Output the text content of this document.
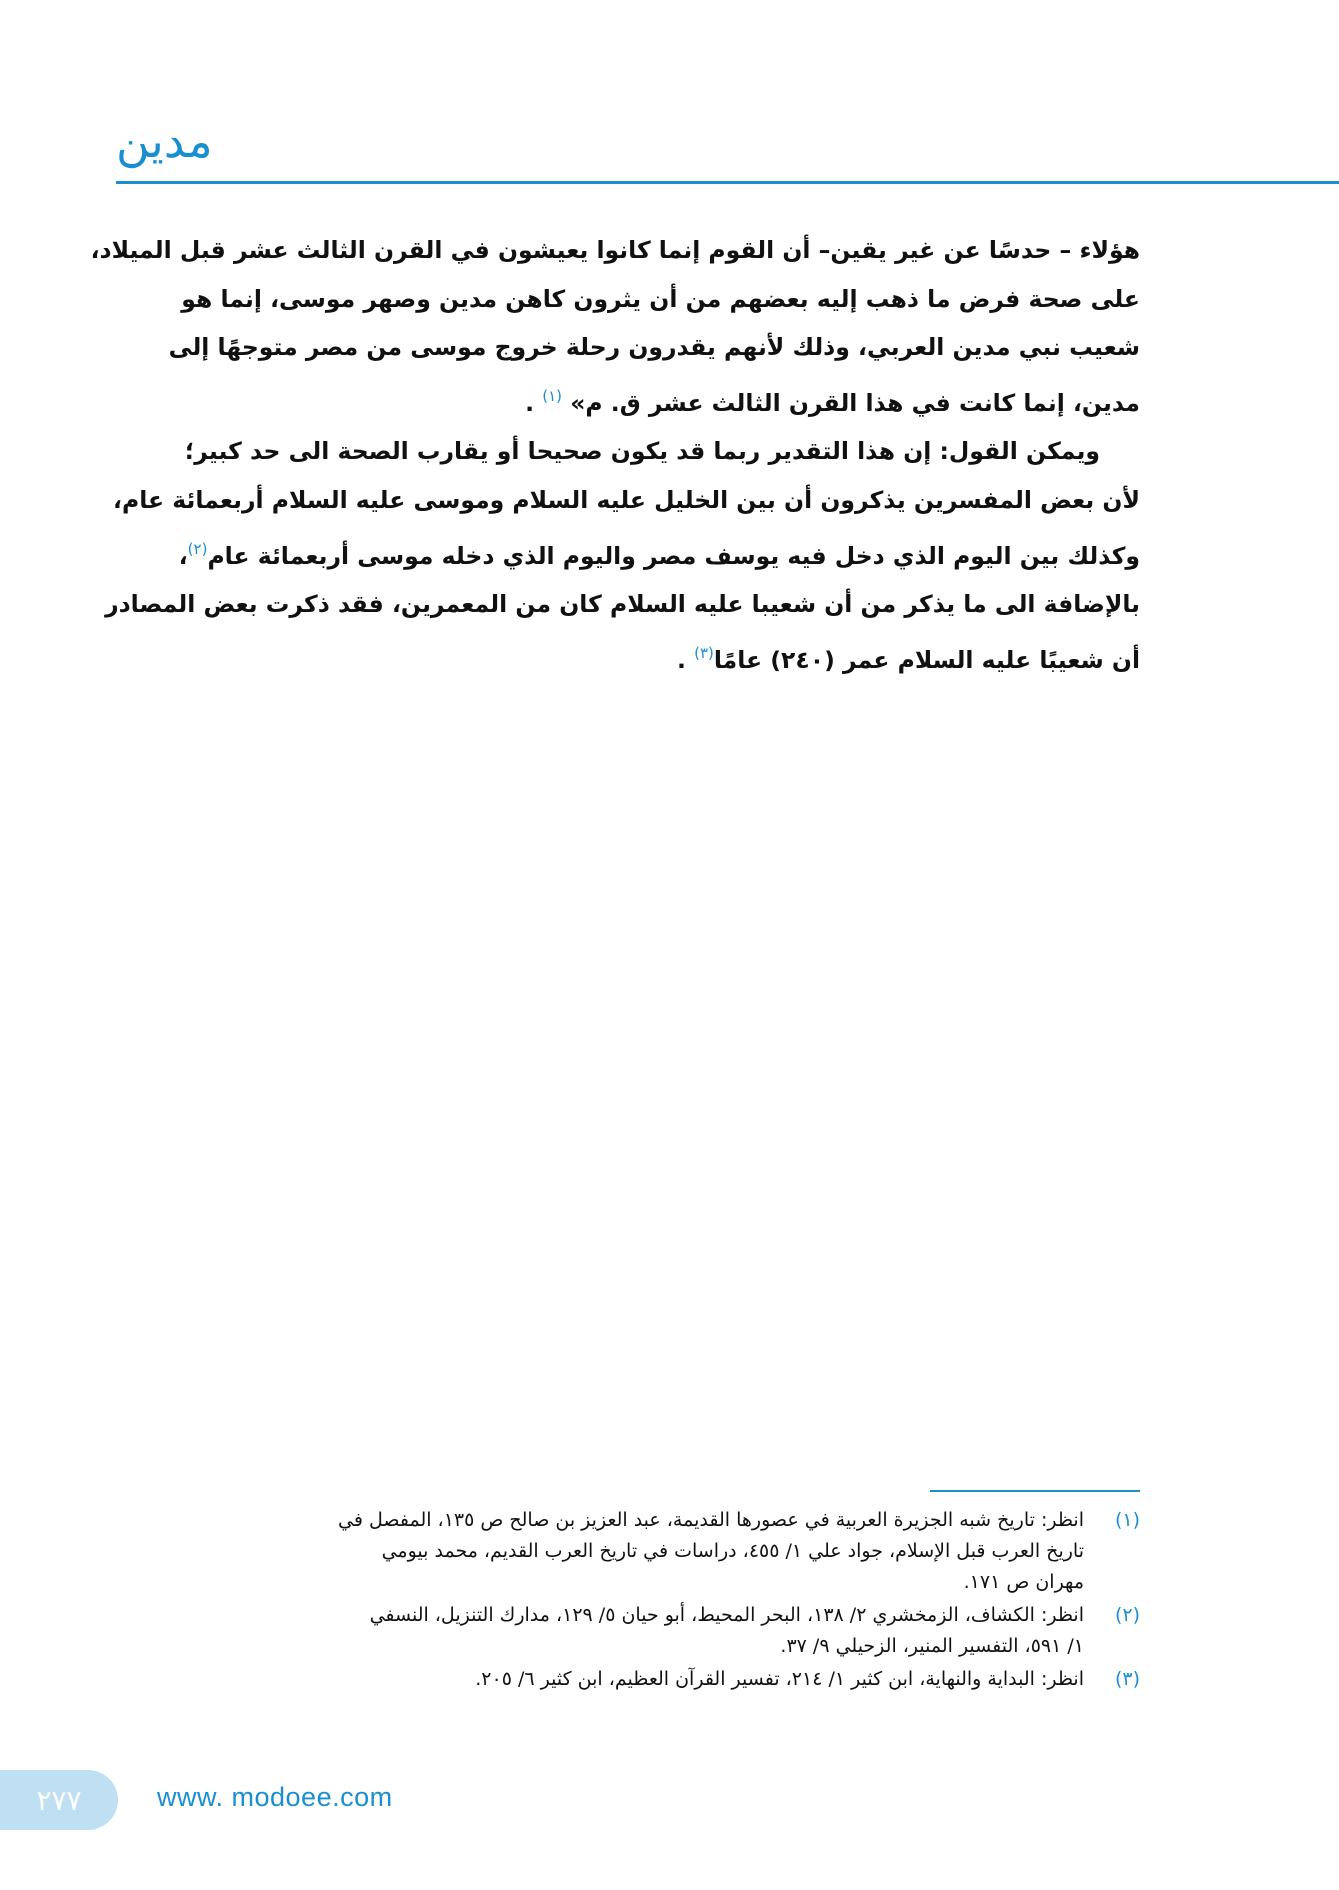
مدين
هؤلاء – حدسًا عن غير يقين– أن القوم إنما كانوا يعيشون في القرن الثالث عشر قبل الميلاد،
على صحة فرض ما ذهب إليه بعضهم من أن يثرون كاهن مدين وصهر موسى، إنما هو
شعيب نبي مدين العربي، وذلك لأنهم يقدرون رحلة خروج موسى من مصر متوجهًا إلى
مدين، إنما كانت في هذا القرن الثالث عشر ق. م» $^{(١)}$ .
ويمكن القول: إن هذا التقدير ربما قد يكون صحيحا أو يقارب الصحة الى حد كبير؛
لأن بعض المفسرين يذكرون أن بين الخليل عليه السلام وموسى عليه السلام أربعمائة عام،
وكذلك بين اليوم الذي دخل فيه يوسف مصر واليوم الذي دخله موسى أربعمائة عام$^{(٢)}$،
بالإضافة الى ما يذكر من أن شعيبا عليه السلام كان من المعمرين، فقد ذكرت بعض المصادر
أن شعيبًا عليه السلام عمر (٢٤٠) عامًا$^{(٣)}$ .
(١)
انظر: تاريخ شبه الجزيرة العربية في عصورها القديمة، عبد العزيز بن صالح ص ١٣٥، المفصل في
تاريخ العرب قبل الإسلام، جواد علي ١/ ٤٥٥، دراسات في تاريخ العرب القديم، محمد بيومي
مهران ص ١٧١.
(٢)
انظر: الكشاف، الزمخشري ٢/ ١٣٨، البحر المحيط، أبو حيان ٥/ ١٢٩، مدارك التنزيل، النسفي
١/ ٥٩١، التفسير المنير، الزحيلي ٩/ ٣٧.
(٣)
انظر: البداية والنهاية، ابن كثير ١/ ٢١٤، تفسير القرآن العظيم، ابن كثير ٦/ ٢٠٥.
٢٧٧	www. modoee.com
